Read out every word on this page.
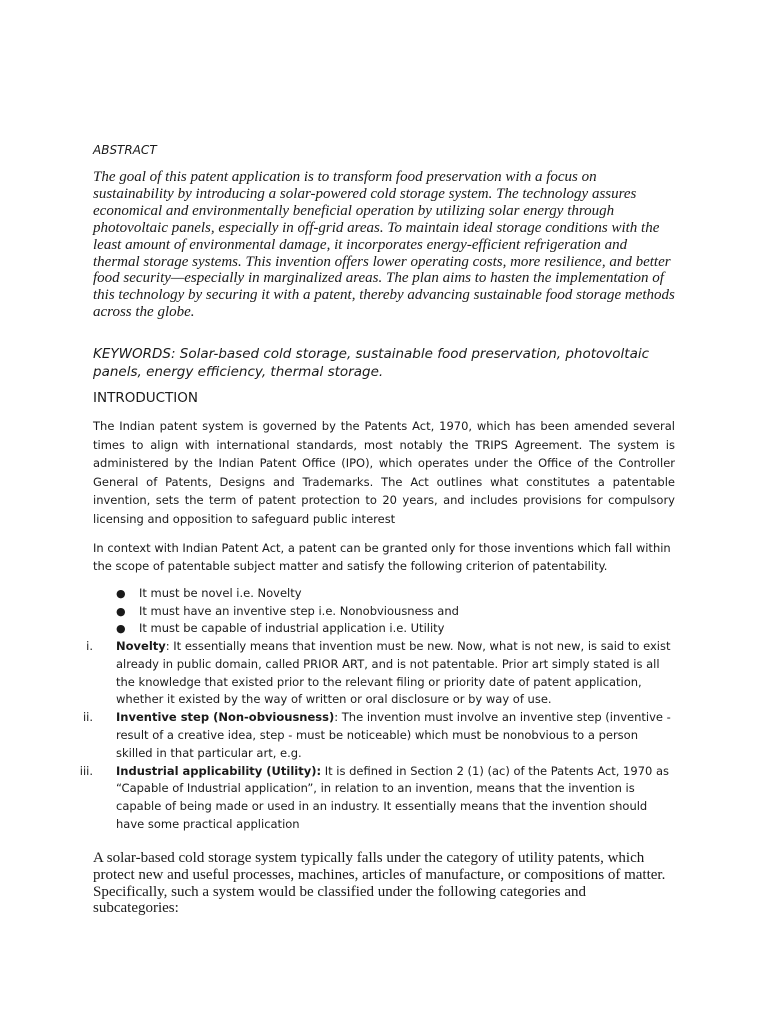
ABSTRACT

The goal of this patent application is to transform food preservation with a focus on sustainability by introducing a solar-powered cold storage system. The technology assures economical and environmentally beneficial operation by utilizing solar energy through photovoltaic panels, especially in off-grid areas. To maintain ideal storage conditions with the least amount of environmental damage, it incorporates energy-efficient refrigeration and thermal storage systems. This invention offers lower operating costs, more resilience, and better food security—especially in marginalized areas. The plan aims to hasten the implementation of this technology by securing it with a patent, thereby advancing sustainable food storage methods across the globe.

KEYWORDS: Solar-based cold storage, sustainable food preservation, photovoltaic panels, energy efficiency, thermal storage.

INTRODUCTION

The Indian patent system is governed by the Patents Act, 1970, which has been amended several times to align with international standards, most notably the TRIPS Agreement. The system is administered by the Indian Patent Office (IPO), which operates under the Office of the Controller General of Patents, Designs and Trademarks. The Act outlines what constitutes a patentable invention, sets the term of patent protection to 20 years, and includes provisions for compulsory licensing and opposition to safeguard public interest

In context with Indian Patent Act, a patent can be granted only for those inventions which fall within the scope of patentable subject matter and satisfy the following criterion of patentability.

● It must be novel i.e. Novelty
● It must have an inventive step i.e. Nonobviousness and
● It must be capable of industrial application i.e. Utility
i. Novelty: It essentially means that invention must be new. Now, what is not new, is said to exist already in public domain, called PRIOR ART, and is not patentable. Prior art simply stated is all the knowledge that existed prior to the relevant filing or priority date of patent application, whether it existed by the way of written or oral disclosure or by way of use.
ii. Inventive step (Non-obviousness): The invention must involve an inventive step (inventive - result of a creative idea, step - must be noticeable) which must be nonobvious to a person skilled in that particular art, e.g.
iii. Industrial applicability (Utility): It is defined in Section 2 (1) (ac) of the Patents Act, 1970 as “Capable of Industrial application”, in relation to an invention, means that the invention is capable of being made or used in an industry. It essentially means that the invention should have some practical application

A solar-based cold storage system typically falls under the category of utility patents, which protect new and useful processes, machines, articles of manufacture, or compositions of matter. Specifically, such a system would be classified under the following categories and subcategories:
